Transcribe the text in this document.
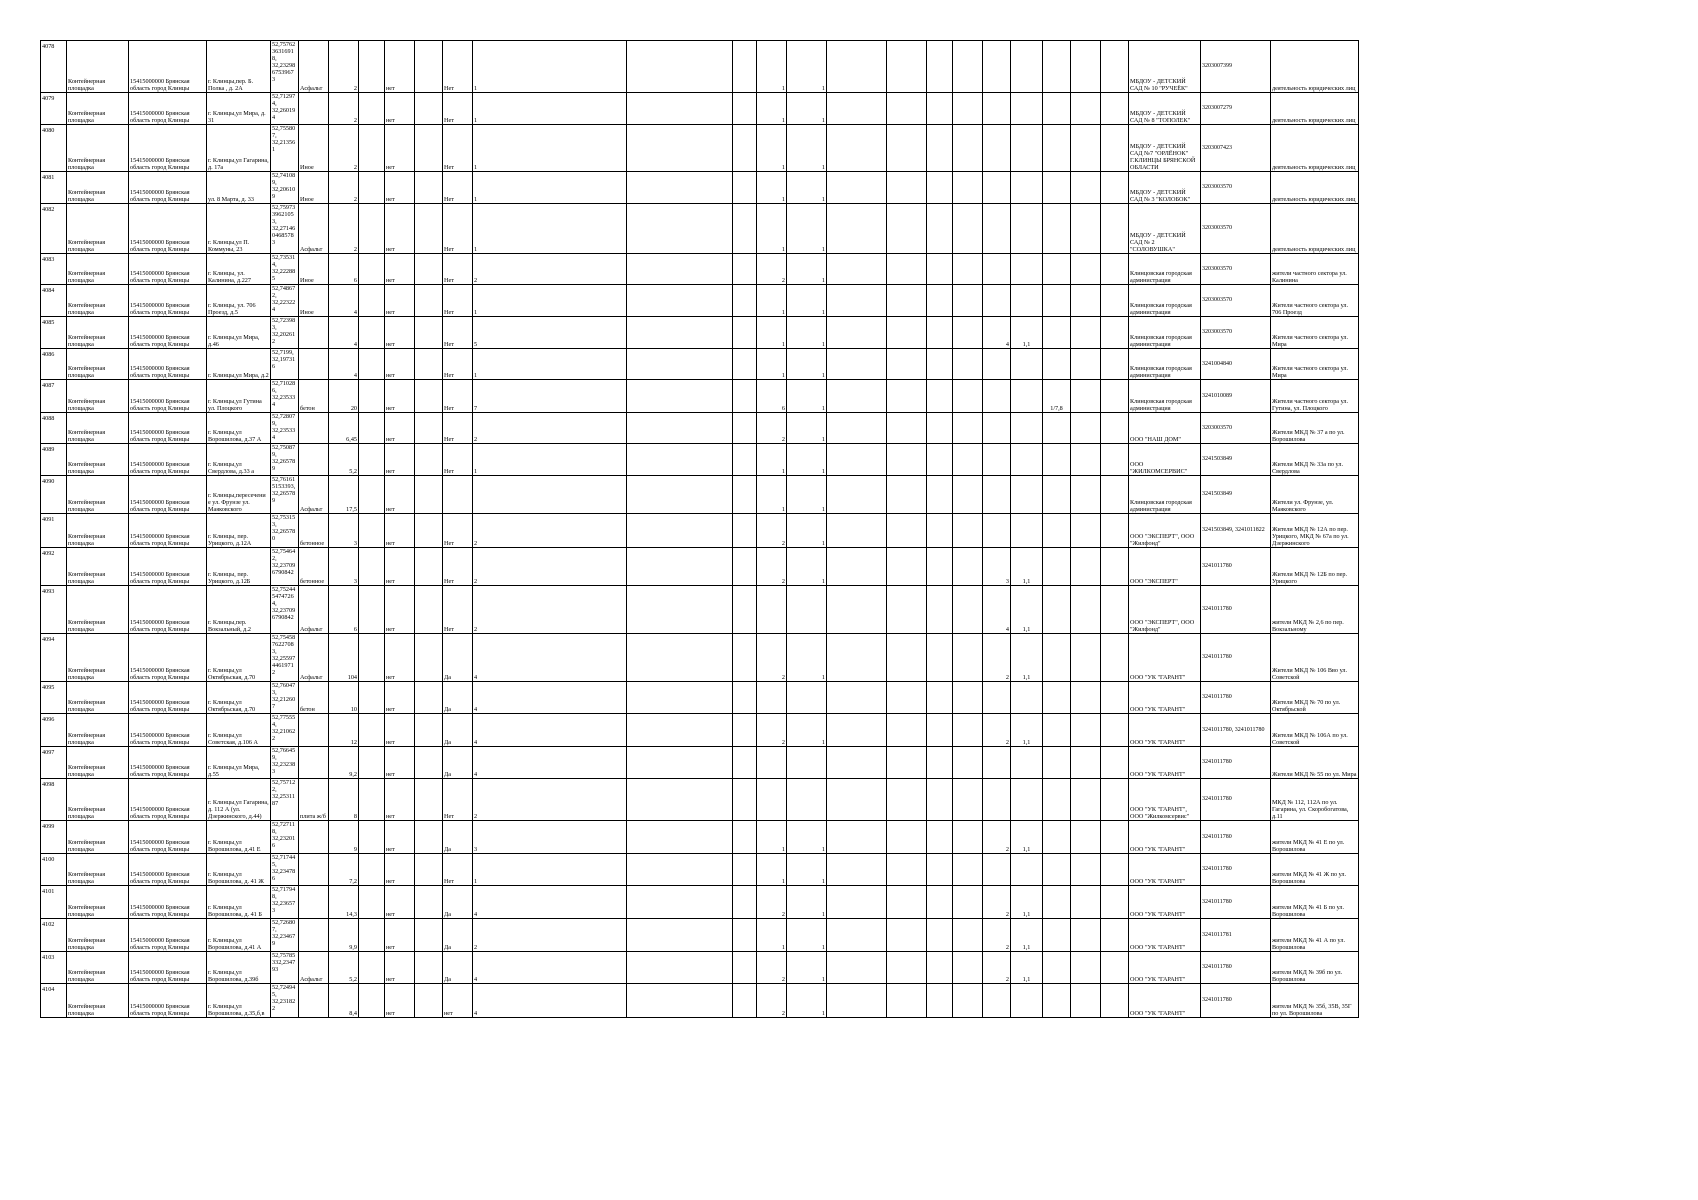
4078	Контейнерная площадка	15415000000 Брянская область город Клинцы	г. Клинцы,пер. Б. Полка , д. 2А	52,75762 3631691 8, 32,23298 6753967 3	Асфальт	2		нет		Нет	1			1	1										МБДОУ - ДЕТСКИЙ САД № 10 "РУЧЕЁК"	3203007399	деятельность юридических лиц
4079	Контейнерная площадка	15415000000 Брянская область город Клинцы	г. Клинцы,ул Мира, д. 31	52,71297 4, 32,26019 4		2		нет		Нет	1			1	1										МБДОУ - ДЕТСКИЙ САД № 8 "ТОПОЛЕК"	3203007279	деятельность юридических лиц
4080	Контейнерная площадка	15415000000 Брянская область город Клинцы	г. Клинцы,ул Гагарина, д. 17а	52,75580 7, 32,21356 1	Иное	2		нет		Нет	1			1	1										МБДОУ - ДЕТСКИЙ САД №7 "ОРЛЁНОК" Г.КЛИНЦЫ БРЯНСКОЙ ОБЛАСТИ	3203007423	деятельность юридических лиц
4081	Контейнерная площадка	15415000000 Брянская область город Клинцы	ул. 8 Марта, д. 33	52,74108 9, 32,20610 9	Иное	2		нет		Нет	1			1	1										МБДОУ - ДЕТСКИЙ САД № 3 "КОЛОБОК"	3203003570	деятельность юридических лиц
4082	Контейнерная площадка	15415000000 Брянская область город Клинцы	г. Клинцы,ул П. Коммуны, 23	52,75973 3962105 3, 32,27146 0468578 3	Асфальт	2		нет		Нет	1			1	1										МБДОУ - ДЕТСКИЙ САД № 2 "СОЛОВУШКА"	3203003570	деятельность юридических лиц
4083	Контейнерная площадка	15415000000 Брянская область город Клинцы	г. Клинцы, ул. Калинина, д.227	52,73531 4, 32,22288 5	Иное	6		нет		Нет	2			2	1										Клинцовская городская администрация	3203003570	жители частного сектора ул. Калинина
4084	Контейнерная площадка	15415000000 Брянская область город Клинцы	г. Клинцы, ул. 706 Проезд, д.5	52,74867 2, 32,22322 4	Иное	4		нет		Нет	1			1	1										Клинцовская городская администрация	3203003570	Жители частного сектора ул. 706 Проезд
4085	Контейнерная площадка	15415000000 Брянская область город Клинцы	г. Клинцы,ул Мира, д.46	52,72398 3, 32,20261 2		4		нет		Нет	5			1	1					4	1,1				Клинцовская городская администрация	3203003570	Жители частного сектора ул. Мира
4086	Контейнерная площадка	15415000000 Брянская область город Клинцы	г. Клинцы,ул Мира, д.2	52,7199, 32,19731 6		4		нет		Нет	1			1	1										Клинцовская городская администрация	3241004840	Жители частного сектора ул. Мира
4087	Контейнерная площадка	15415000000 Брянская область город Клинцы	г. Клинцы,ул Гутина ул. Плоцкого	52,71028 6, 32,23533 4	бетон	20		нет		Нет	7			6	1							1/7,8			Клинцовская городская администрация	3241010089	Жители частного сектора ул. Гутина, ул. Плоцкого
4088	Контейнерная площадка	15415000000 Брянская область город Клинцы	г. Клинцы,ул Ворошилова, д.37 А	52,72807 9, 32,23533 4		6,45		нет		Нет	2			2	1										ООО "НАШ ДОМ"	3203003570	Жители МКД № 37 а по ул. Ворошилова
4089	Контейнерная площадка	15415000000 Брянская область город Клинцы	г. Клинцы,ул Свердлова, д.33 а	52,75087 9, 32,26578 9		5,2		нет		Нет	1			1	1										ООО "ЖИЛКОМСЕРВИС"	3241503849	Жители МКД № 33а по ул. Свердлова
4090	Контейнерная площадка	15415000000 Брянская область город Клинцы	г. Клинцы,пересечени е ул. Фрунзе ул. Маяковского	52,76161 5153393, 32,26578 9	Асфальт	17,5		нет						1	1										Клинцовская городская администрация	3241503849	Жители ул. Фрунзе, ул. Маяковского
4091	Контейнерная площадка	15415000000 Брянская область город Клинцы	г. Клинцы, пер. Урицкого, д.12А	52,75315 3, 32,26578 0	бетонное	3		нет		Нет	2			2	1										ООО "ЭКСПЕРТ", ООО "Жилфонд"	3241503849, 3241011822	Жители МКД № 12А по пер. Урицкого, МКД № 67а по ул. Дзержинского
4092	Контейнерная площадка	15415000000 Брянская область город Клинцы	г. Клинцы, пер. Урицкого, д.12Б	52,75464 2, 32,23709 6790842	бетонное	3		нет		Нет	2			2	1					3	1,1				ООО "ЭКСПЕРТ"	3241011780	Жители МКД № 12Б по пер. Урицкого
4093	Контейнерная площадка	15415000000 Брянская область город Клинцы	г. Клинцы,пер. Вокзальный, д.2	52,75244 5474726 4, 32,23709 6790842	Асфальт	6		нет		Нет	2									4	1,1				ООО "ЭКСПЕРТ", ООО "Жилфонд"	3241011780	жители МКД № 2,6 по пер. Вокзальному
4094	Контейнерная площадка	15415000000 Брянская область город Клинцы	г. Клинцы,ул Октябрьская, д.70	52,75458 7622708 3, 32,25597 4461971 2	Асфальт	104		нет		Да	4			2	1					2	1,1				ООО "УК "ГАРАНТ"	3241011780	Жители МКД № 106 Вво ул. Советской
4095	Контейнерная площадка	15415000000 Брянская область город Клинцы	г. Клинцы,ул Октябрьская, д.70	52,76047 3, 32,21260 7	бетон	10		нет		Да	4														ООО "УК "ГАРАНТ"	3241011780	Жители МКД № 70 по ул. Октябрьской
4096	Контейнерная площадка	15415000000 Брянская область город Клинцы	г. Клинцы,ул Советская, д.106 А	52,77555 4, 32,21062 2		12		нет		Да	4			2	1					2	1,1				ООО "УК "ГАРАНТ"	3241011780, 3241011780	Жители МКД № 106А по ул. Советской
4097	Контейнерная площадка	15415000000 Брянская область город Клинцы	г. Клинцы,ул Мира, д.55	52,76645 9, 32,23238 3		9,2		нет		Да	4														ООО "УК "ГАРАНТ"	3241011780	Жители МКД № 55 по ул. Мира
4098	Контейнерная площадка	15415000000 Брянская область город Клинцы	г. Клинцы,ул Гагарина, д. 112 А (ул. Дзержинского, д.44)	52,75712 2, 32,25311 87	плита ж/б	8		нет		Нет	2														ООО "УК "ГАРАНТ", ООО "Жилкомсервис"	3241011780	МКД № 112, 112А по ул. Гагарина, ул. Скоробогатова, д.11
4099	Контейнерная площадка	15415000000 Брянская область город Клинцы	г. Клинцы,ул Ворошилова, д.41 Е	52,72711 8, 32,23201 6		9		нет		Да	3			1	1					2	1,1				ООО "УК "ГАРАНТ"	3241011780	жители МКД № 41 Е по ул. Ворошилова
4100	Контейнерная площадка	15415000000 Брянская область город Клинцы	г. Клинцы,ул Ворошилова, д. 41 Ж	52,71744 5, 32,23478 6		7,2		нет		Нет	1			1	1										ООО "УК "ГАРАНТ"	3241011780	жители МКД № 41 Ж по ул. Ворошилова
4101	Контейнерная площадка	15415000000 Брянская область город Клинцы	г. Клинцы,ул Ворошилова, д. 41 Б	52,71794 8, 32,23657 3		14,3		нет		Да	4			2	1					2	1,1				ООО "УК "ГАРАНТ"	3241011780	жители МКД № 41 Б по ул. Ворошилова
4102	Контейнерная площадка	15415000000 Брянская область город Клинцы	г. Клинцы,ул Ворошилова, д.41 А	52,72680 7, 32,23467 9		9,9		нет		Да	2			1	1					2	1,1				ООО "УК "ГАРАНТ"	3241011781	жители МКД № 41 А по ул. Ворошилова
4103	Контейнерная площадка	15415000000 Брянская область город Клинцы	г. Клинцы,ул Ворошилова, д.39б	52,75785 332,2347 93	Асфальт	5,2		нет		Да	4			2	1					2	1,1				ООО "УК "ГАРАНТ"	3241011780	жители МКД № 39б по ул. Ворошилова
4104	Контейнерная площадка	15415000000 Брянская область город Клинцы	г. Клинцы,ул Ворошилова, д.35,б,в	52,72494 5, 32,23182 2		8,4		нет		нет	4			2	1										ООО "УК "ГАРАНТ"	3241011780	жители МКД № 35б, 35В, 35Г по ул. Ворошилова
